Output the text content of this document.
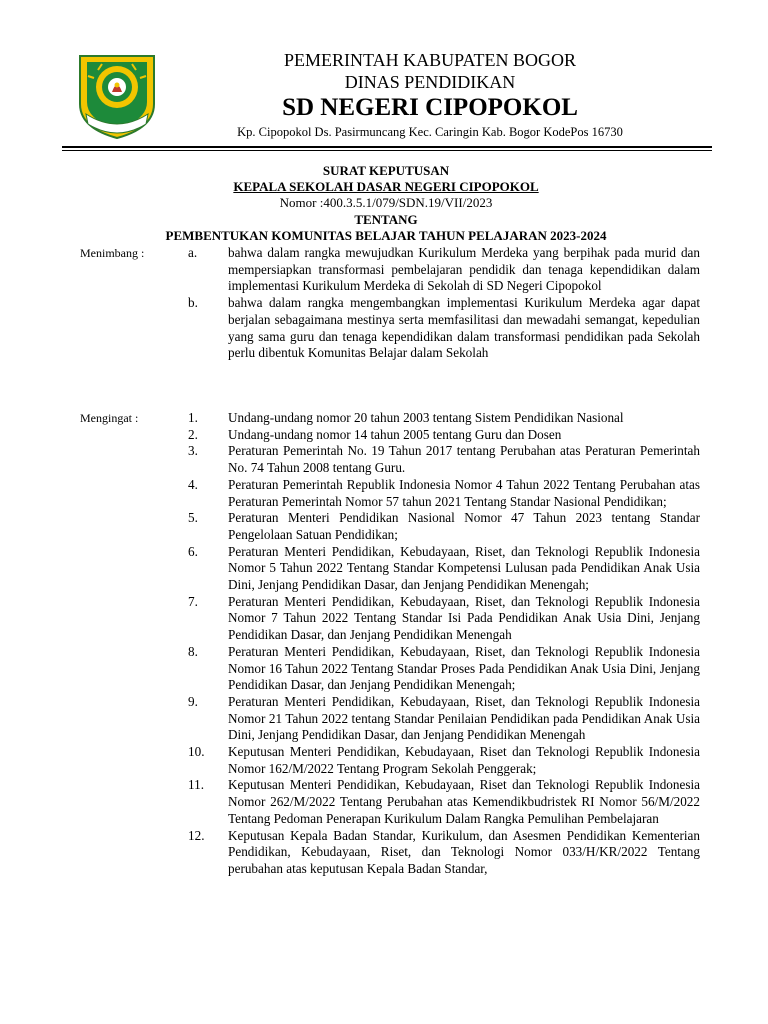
PEMERINTAH KABUPATEN BOGOR
DINAS PENDIDIKAN
SD NEGERI CIPOPOKOL
Kp. Cipopokol Ds. Pasirmuncang Kec. Caringin Kab. Bogor KodePos 16730
SURAT KEPUTUSAN
KEPALA SEKOLAH DASAR NEGERI CIPOPOKOL
Nomor :400.3.5.1/079/SDN.19/VII/2023
TENTANG
PEMBENTUKAN KOMUNITAS BELAJAR TAHUN PELAJARAN 2023-2024
Menimbang :	a.	bahwa dalam rangka mewujudkan Kurikulum Merdeka yang berpihak pada murid dan mempersiapkan transformasi pembelajaran pendidik dan tenaga kependidikan dalam implementasi Kurikulum Merdeka di Sekolah di SD Negeri Cipopokol
b.	bahwa dalam rangka mengembangkan implementasi Kurikulum Merdeka agar dapat berjalan sebagaimana mestinya serta memfasilitasi dan mewadahi semangat, kepedulian yang sama guru dan tenaga kependidikan dalam transformasi pendidikan pada Sekolah perlu dibentuk Komunitas Belajar dalam Sekolah
Mengingat :	1.	Undang-undang nomor 20 tahun 2003 tentang Sistem Pendidikan Nasional
2.	Undang-undang nomor 14 tahun 2005 tentang Guru dan Dosen
3.	Peraturan Pemerintah No. 19 Tahun 2017 tentang Perubahan atas Peraturan Pemerintah No. 74 Tahun 2008 tentang Guru.
4.	Peraturan Pemerintah Republik Indonesia Nomor 4 Tahun 2022 Tentang Perubahan atas Peraturan Pemerintah Nomor 57 tahun 2021 Tentang Standar Nasional Pendidikan;
5.	Peraturan Menteri Pendidikan Nasional Nomor 47 Tahun 2023 tentang Standar Pengelolaan Satuan Pendidikan;
6.	Peraturan Menteri Pendidikan, Kebudayaan, Riset, dan Teknologi Republik Indonesia Nomor 5 Tahun 2022 Tentang Standar Kompetensi Lulusan pada Pendidikan Anak Usia Dini, Jenjang Pendidikan Dasar, dan Jenjang Pendidikan Menengah;
7.	Peraturan Menteri Pendidikan, Kebudayaan, Riset, dan Teknologi Republik Indonesia Nomor 7 Tahun 2022 Tentang Standar Isi Pada Pendidikan Anak Usia Dini, Jenjang Pendidikan Dasar, dan Jenjang Pendidikan Menengah
8.	Peraturan Menteri Pendidikan, Kebudayaan, Riset, dan Teknologi Republik Indonesia Nomor 16 Tahun 2022 Tentang Standar Proses Pada Pendidikan Anak Usia Dini, Jenjang Pendidikan Dasar, dan Jenjang Pendidikan Menengah;
9.	Peraturan Menteri Pendidikan, Kebudayaan, Riset, dan Teknologi Republik Indonesia Nomor 21 Tahun 2022 tentang Standar Penilaian Pendidikan pada Pendidikan Anak Usia Dini, Jenjang Pendidikan Dasar, dan Jenjang Pendidikan Menengah
10.	Keputusan Menteri Pendidikan, Kebudayaan, Riset dan Teknologi Republik Indonesia Nomor 162/M/2022 Tentang Program Sekolah Penggerak;
11.	Keputusan Menteri Pendidikan, Kebudayaan, Riset dan Teknologi Republik Indonesia Nomor 262/M/2022 Tentang Perubahan atas Kemendikbudristek RI Nomor 56/M/2022 Tentang Pedoman Penerapan Kurikulum Dalam Rangka Pemulihan Pembelajaran
12.	Keputusan Kepala Badan Standar, Kurikulum, dan Asesmen Pendidikan Kementerian Pendidikan, Kebudayaan, Riset, dan Teknologi Nomor 033/H/KR/2022 Tentang perubahan atas keputusan Kepala Badan Standar,
